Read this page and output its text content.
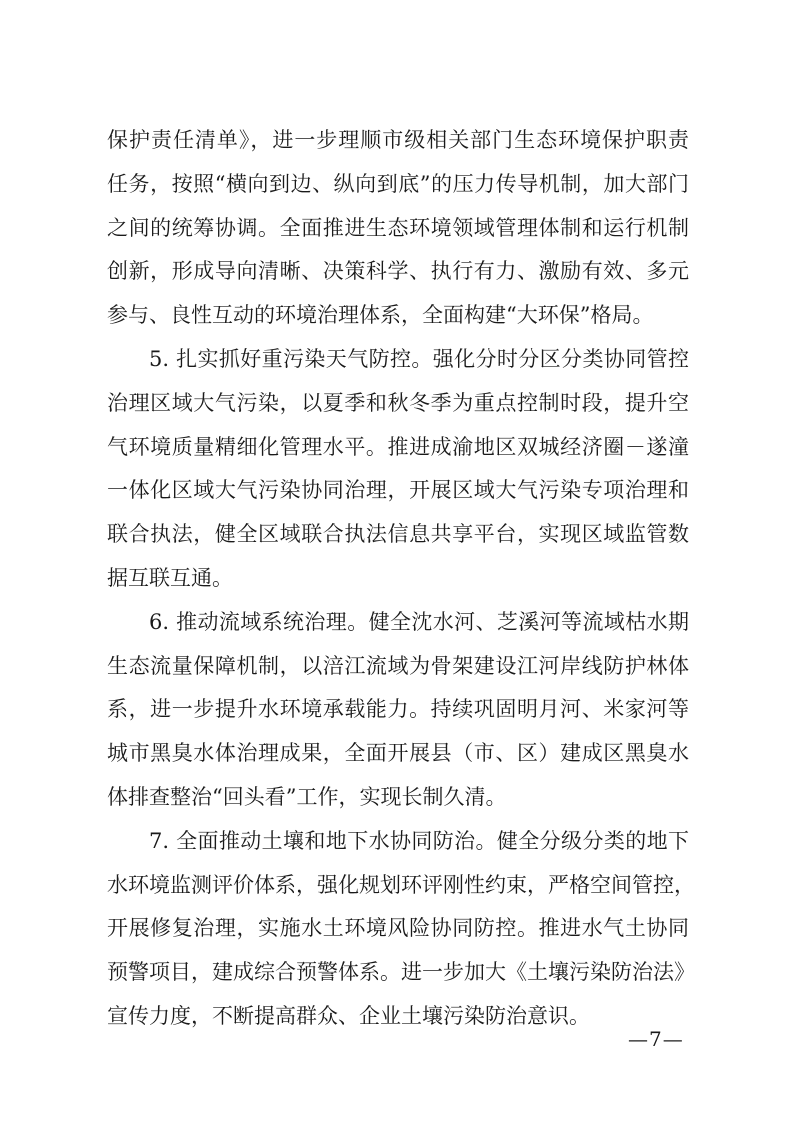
保护责任清单》，进一步理顺市级相关部门生态环境保护职责
任务，按照“横向到边、纵向到底”的压力传导机制，加大部门
之间的统筹协调。全面推进生态环境领域管理体制和运行机制
创新，形成导向清晰、决策科学、执行有力、激励有效、多元
参与、良性互动的环境治理体系，全面构建“大环保”格局。
5. 扎实抓好重污染天气防控。强化分时分区分类协同管控
治理区域大气污染，以夏季和秋冬季为重点控制时段，提升空
气环境质量精细化管理水平。推进成渝地区双城经济圈－遂潼
一体化区域大气污染协同治理，开展区域大气污染专项治理和
联合执法，健全区域联合执法信息共享平台，实现区域监管数
据互联互通。
6. 推动流域系统治理。健全沈水河、芝溪河等流域枯水期
生态流量保障机制，以涪江流域为骨架建设江河岸线防护林体
系，进一步提升水环境承载能力。持续巩固明月河、米家河等
城市黑臭水体治理成果，全面开展县（市、区）建成区黑臭水
体排查整治“回头看”工作，实现长制久清。
7. 全面推动土壤和地下水协同防治。健全分级分类的地下
水环境监测评价体系，强化规划环评刚性约束，严格空间管控，
开展修复治理，实施水土环境风险协同防控。推进水气土协同
预警项目，建成综合预警体系。进一步加大《土壤污染防治法》
宣传力度，不断提高群众、企业土壤污染防治意识。
—7—
